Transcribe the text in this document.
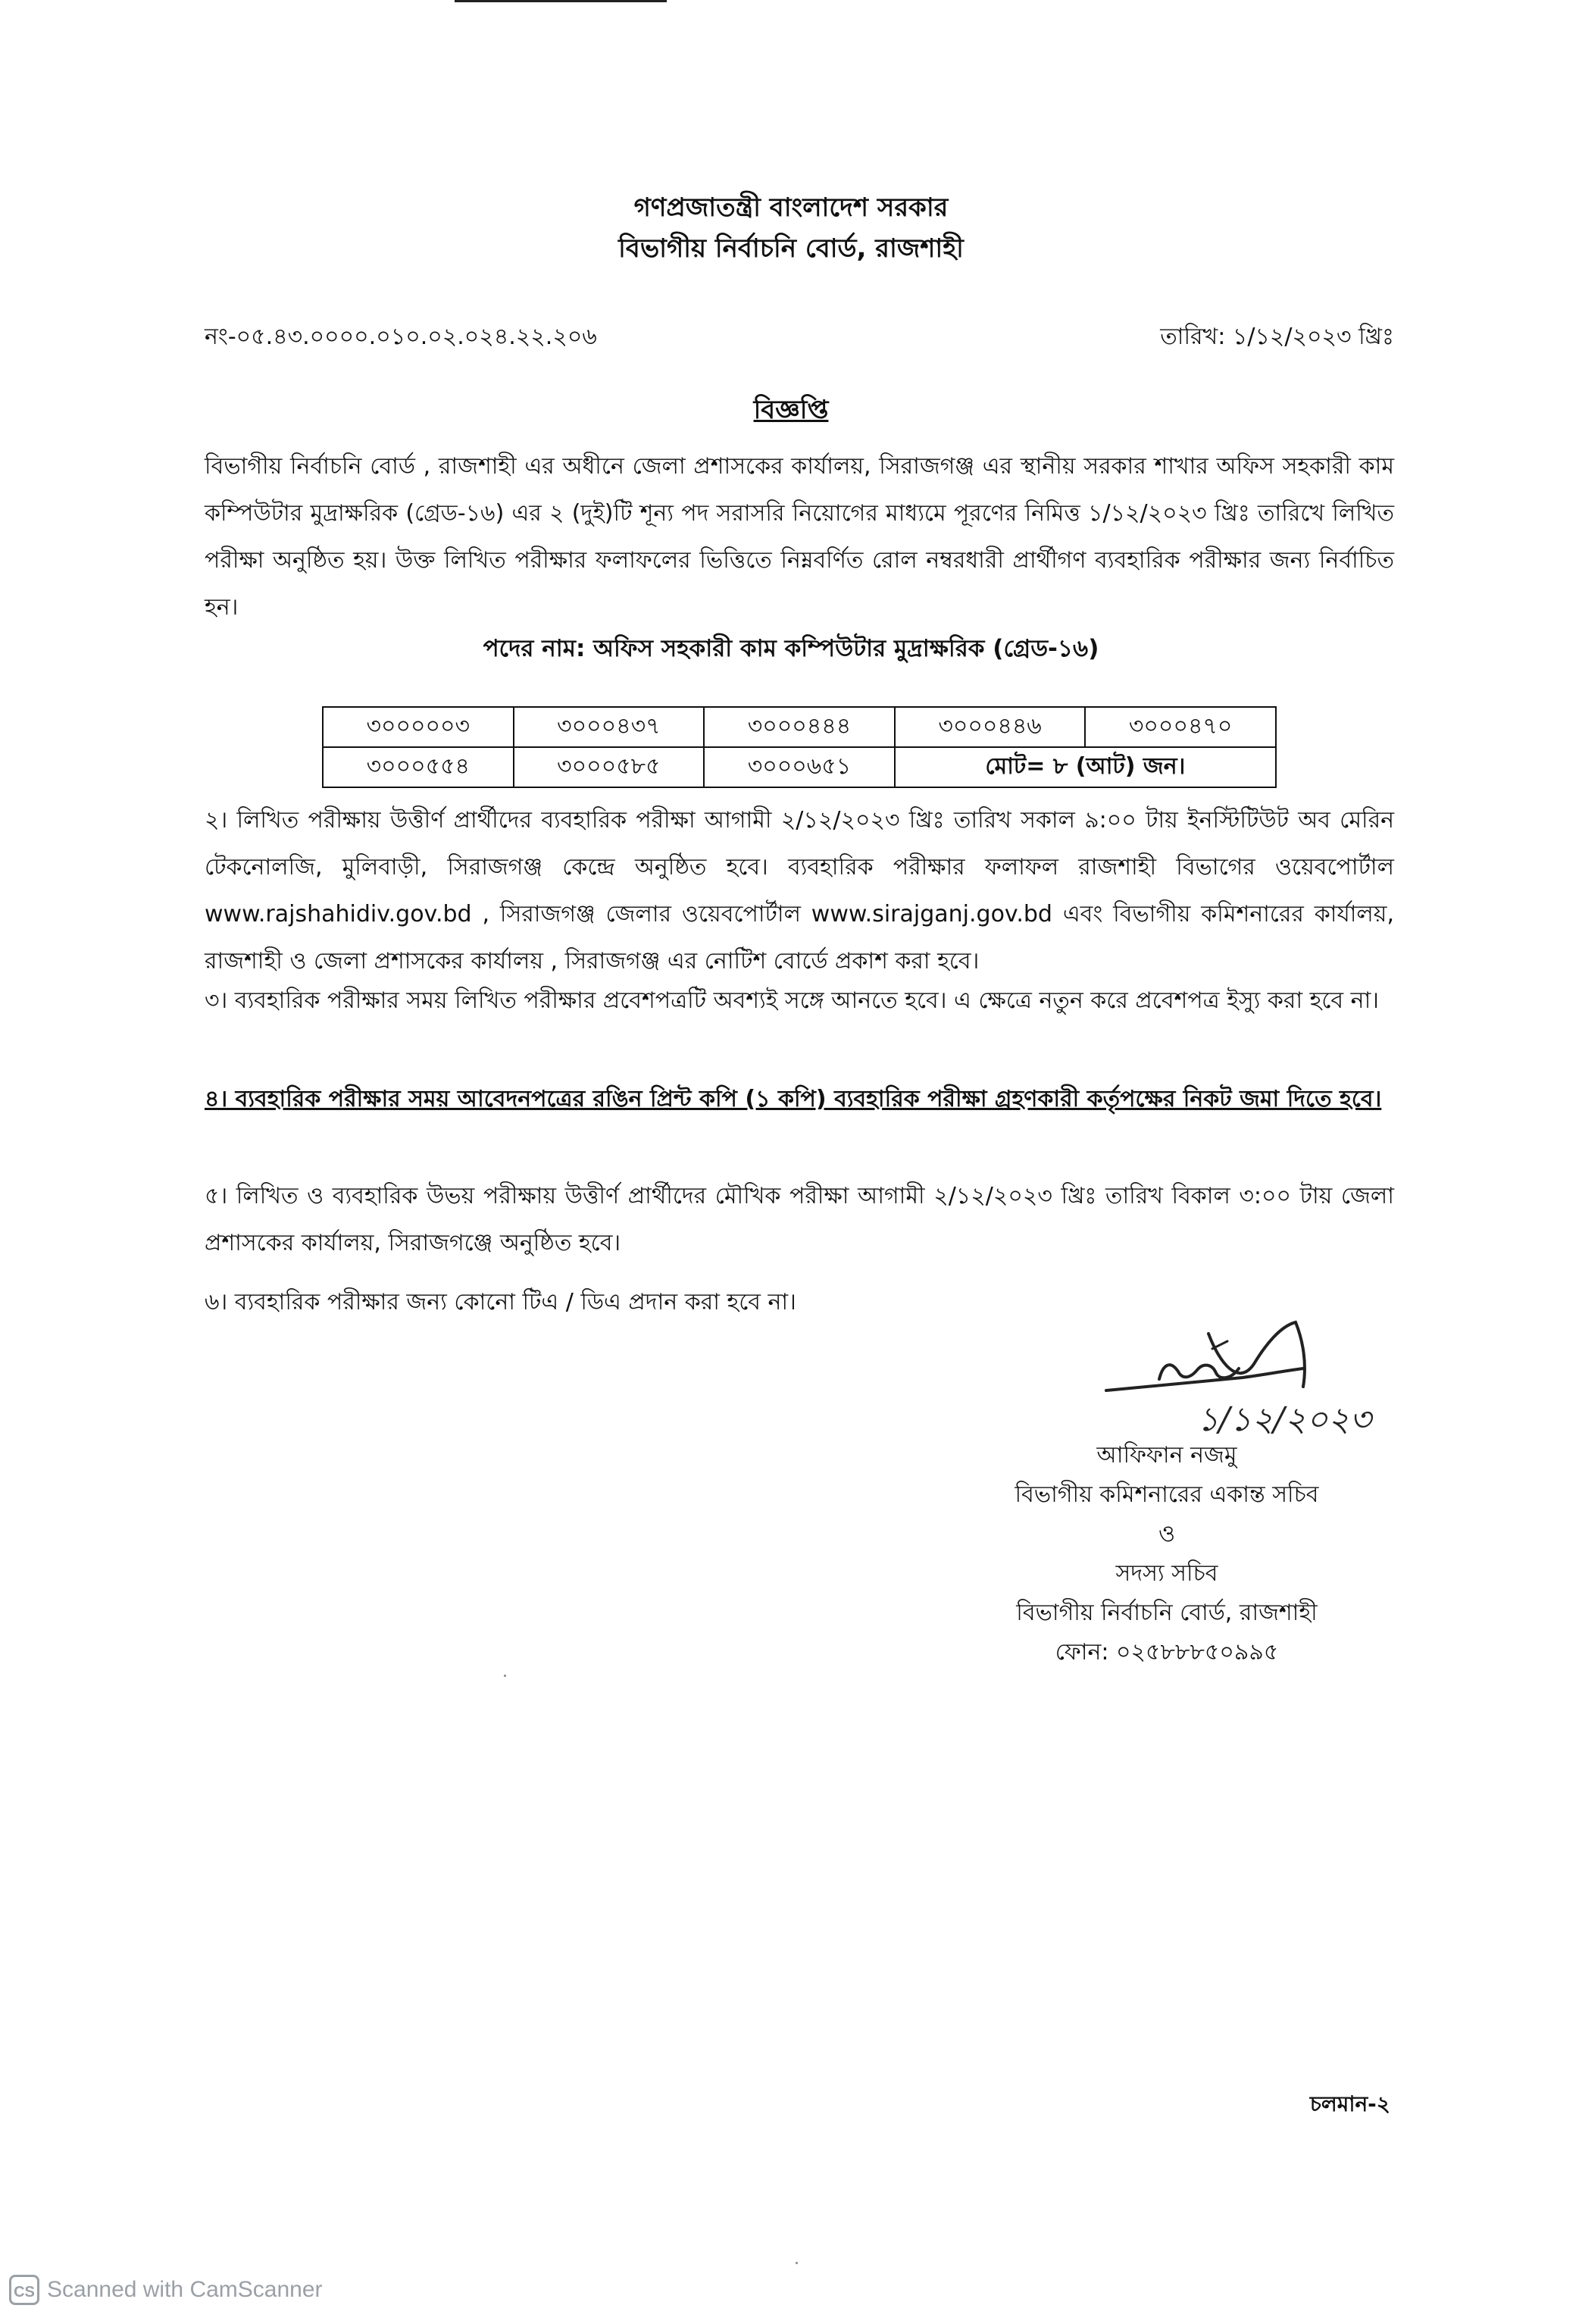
গণপ্রজাতন্ত্রী বাংলাদেশ সরকার
বিভাগীয় নির্বাচনি বোর্ড, রাজশাহী
নং-০৫.৪৩.০০০০.০১০.০২.০২৪.২২.২০৬	তারিখ: ১/১২/২০২৩ খ্রিঃ
বিজ্ঞপ্তি

বিভাগীয় নির্বাচনি বোর্ড , রাজশাহী এর অধীনে জেলা প্রশাসকের কার্যালয়, সিরাজগঞ্জ এর স্থানীয় সরকার শাখার অফিস সহকারী কাম কম্পিউটার মুদ্রাক্ষরিক (গ্রেড-১৬) এর ২ (দুই)টি শূন্য পদ সরাসরি নিয়োগের মাধ্যমে পূরণের নিমিত্ত ১/১২/২০২৩ খ্রিঃ তারিখে লিখিত পরীক্ষা অনুষ্ঠিত হয়। উক্ত লিখিত পরীক্ষার ফলাফলের ভিত্তিতে নিম্নবর্ণিত রোল নম্বরধারী প্রার্থীগণ ব্যবহারিক পরীক্ষার জন্য নির্বাচিত হন।

পদের নাম: অফিস সহকারী কাম কম্পিউটার মুদ্রাক্ষরিক (গ্রেড-১৬)
৩০০০০০৩	৩০০০৪৩৭	৩০০০৪৪৪	৩০০০৪৪৬	৩০০০৪৭০
৩০০০৫৫৪	৩০০০৫৮৫	৩০০০৬৫১	মোট= ৮ (আট) জন।	

২। লিখিত পরীক্ষায় উত্তীর্ণ প্রার্থীদের ব্যবহারিক পরীক্ষা আগামী ২/১২/২০২৩ খ্রিঃ তারিখ সকাল ৯:০০ টায় ইনস্টিটিউট অব মেরিন টেকনোলজি, মুলিবাড়ী, সিরাজগঞ্জ কেন্দ্রে অনুষ্ঠিত হবে। ব্যবহারিক পরীক্ষার ফলাফল রাজশাহী বিভাগের ওয়েবপোর্টাল www.rajshahidiv.gov.bd , সিরাজগঞ্জ জেলার ওয়েবপোর্টাল www.sirajganj.gov.bd এবং বিভাগীয় কমিশনারের কার্যালয়, রাজশাহী ও জেলা প্রশাসকের কার্যালয় , সিরাজগঞ্জ এর নোটিশ বোর্ডে প্রকাশ করা হবে।

৩। ব্যবহারিক পরীক্ষার সময় লিখিত পরীক্ষার প্রবেশপত্রটি অবশ্যই সঙ্গে আনতে হবে। এ ক্ষেত্রে নতুন করে প্রবেশপত্র ইস্যু করা হবে না।

৪। ব্যবহারিক পরীক্ষার সময় আবেদনপত্রের রঙিন প্রিন্ট কপি (১ কপি) ব্যবহারিক পরীক্ষা গ্রহণকারী কর্তৃপক্ষের নিকট জমা দিতে হবে।

৫। লিখিত ও ব্যবহারিক উভয় পরীক্ষায় উত্তীর্ণ প্রার্থীদের মৌখিক পরীক্ষা আগামী ২/১২/২০২৩ খ্রিঃ তারিখ বিকাল ৩:০০ টায় জেলা প্রশাসকের কার্যালয়, সিরাজগঞ্জে অনুষ্ঠিত হবে।

৬। ব্যবহারিক পরীক্ষার জন্য কোনো টিএ / ডিএ প্রদান করা হবে না।

১/১২/২০২৩
আফিফান নজমু
বিভাগীয় কমিশনারের একান্ত সচিব
ও
সদস্য সচিব
বিভাগীয় নির্বাচনি বোর্ড, রাজশাহী
ফোন: ০২৫৮৮৮৫০৯৯৫
চলমান-২
CS Scanned with CamScanner
